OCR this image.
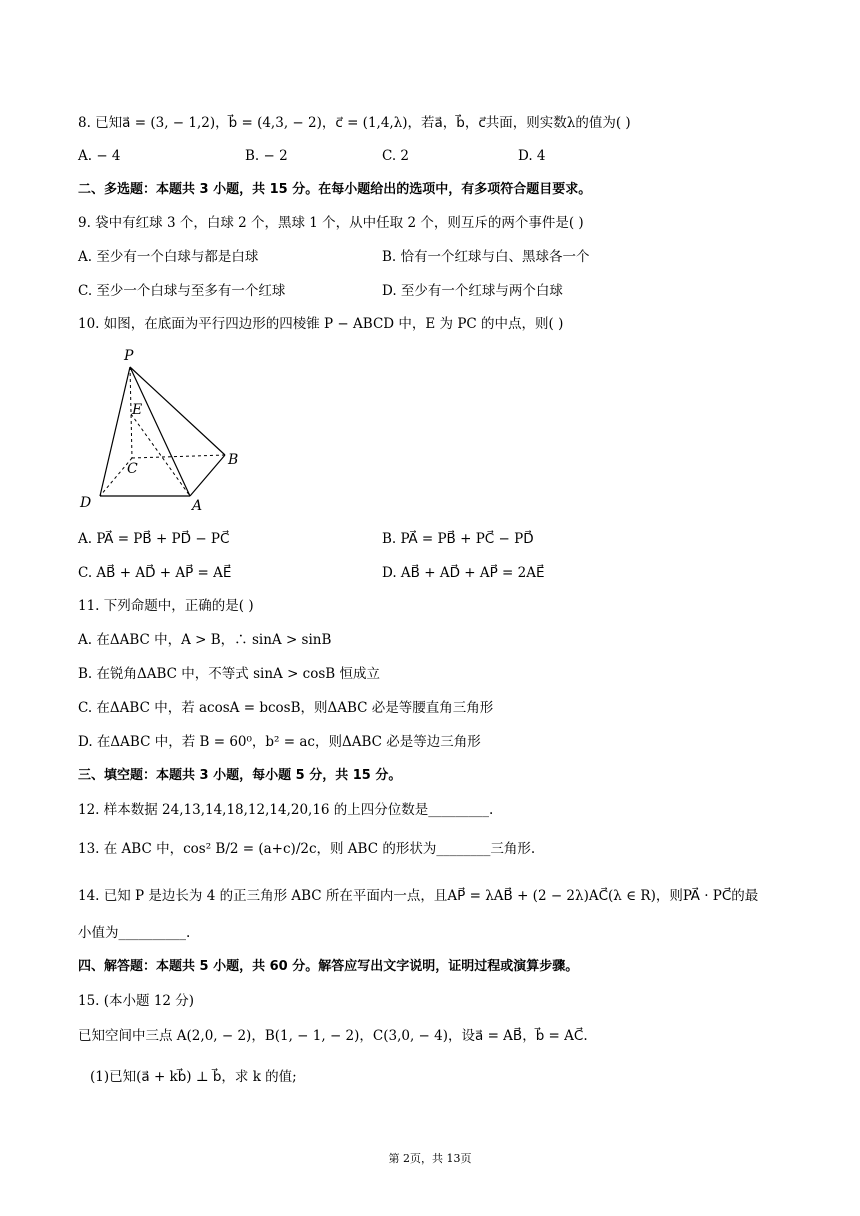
8. 已知a⃗ = (3, − 1,2)，b⃗ = (4,3, − 2)，c⃗ = (1,4,λ)，若a⃗，b⃗，c⃗共面，则实数λ的值为( )
A. − 4	B. − 2	C. 2	D. 4
二、多选题：本题共 3 小题，共 15 分。在每小题给出的选项中，有多项符合题目要求。
9. 袋中有红球 3 个，白球 2 个，黑球 1 个，从中任取 2 个，则互斥的两个事件是( )
A. 至少有一个白球与都是白球	B. 恰有一个红球与白、黑球各一个
C. 至少一个白球与至多有一个红球	D. 至少有一个红球与两个白球
10. 如图，在底面为平行四边形的四棱锥 P − ABCD 中，E 为 PC 的中点，则( )
P
E
C
B
D	A
A. PA⃗ = PB⃗ + PD⃗ − PC⃗	B. PA⃗ = PB⃗ + PC⃗ − PD⃗
C. AB⃗ + AD⃗ + AP⃗ = AE⃗	D. AB⃗ + AD⃗ + AP⃗ = 2AE⃗
11. 下列命题中，正确的是( )
A. 在ΔABC 中，A > B，∴ sinA > sinB
B. 在锐角ΔABC 中，不等式 sinA > cosB 恒成立
C. 在ΔABC 中，若 acosA = bcosB，则ΔABC 必是等腰直角三角形
D. 在ΔABC 中，若 B = 60⁰，b² = ac，则ΔABC 必是等边三角形
三、填空题：本题共 3 小题，每小题 5 分，共 15 分。
12. 样本数据 24,13,14,18,12,14,20,16 的上四分位数是_________.
13. 在 ABC 中，cos² B/2 = (a+c)/2c，则 ABC 的形状为________三角形.
14. 已知 P 是边长为 4 的正三角形 ABC 所在平面内一点，且AP⃗ = λAB⃗ + (2 − 2λ)AC⃗(λ ∈ R)，则PA⃗ · PC⃗的最
小值为__________.
四、解答题：本题共 5 小题，共 60 分。解答应写出文字说明，证明过程或演算步骤。
15. (本小题 12 分)
已知空间中三点 A(2,0, − 2)，B(1, − 1, − 2)，C(3,0, − 4)，设a⃗ = AB⃗，b⃗ = AC⃗.
(1)已知(a⃗ + kb⃗) ⊥ b⃗，求 k 的值;
第 2页，共 13页
